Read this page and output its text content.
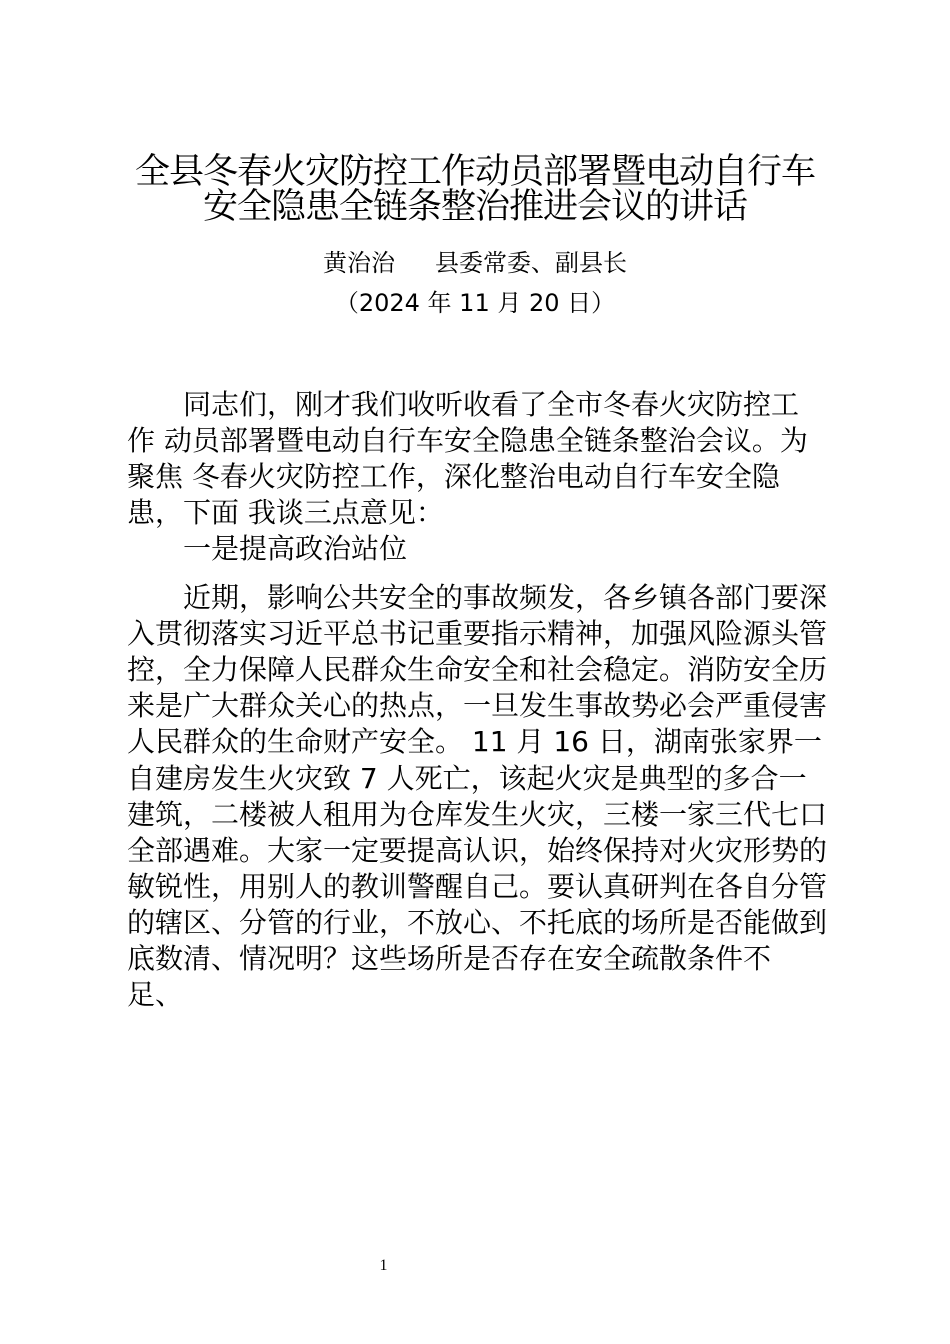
全县冬春火灾防控工作动员部署暨电动自行车
安全隐患全链条整治推进会议的讲话
黄治治 县委常委、副县长
（2024 年 11 月 20 日）
同志们，刚才我们收听收看了全市冬春火灾防控工
作 动员部署暨电动自行车安全隐患全链条整治会议。为
聚焦 冬春火灾防控工作，深化整治电动自行车安全隐
患，下面 我谈三点意见：
一是提高政治站位
近期，影响公共安全的事故频发，各乡镇各部门要深
入贯彻落实习近平总书记重要指示精神，加强风险源头管
控，全力保障人民群众生命安全和社会稳定。消防安全历
来是广大群众关心的热点，一旦发生事故势必会严重侵害
人民群众的生命财产安全。 11 月 16 日，湖南张家界一
自建房发生火灾致 7 人死亡，该起火灾是典型的多合一
建筑，二楼被人租用为仓库发生火灾，三楼一家三代七口
全部遇难。大家一定要提高认识，始终保持对火灾形势的
敏锐性，用别人的教训警醒自己。要认真研判在各自分管
的辖区、分管的行业，不放心、不托底的场所是否能做到
底数清、情况明？这些场所是否存在安全疏散条件不
足、
1
